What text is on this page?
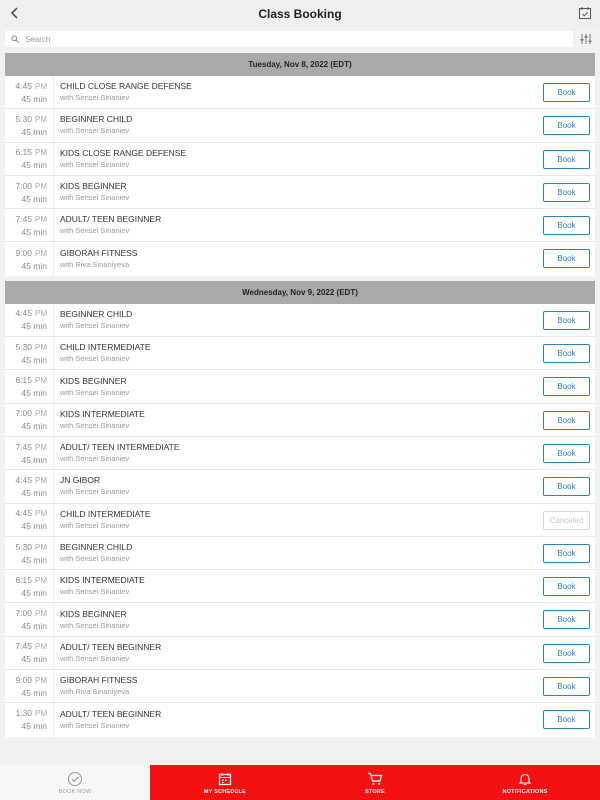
Class Booking
Search
Tuesday, Nov 8, 2022 (EDT)
4:45 PM
45 min
CHILD CLOSE RANGE DEFENSE
with Sensei Sinaniev
Book
5:30 PM
45 min
BEGINNER CHILD
with Sensei Sinaniev
Book
6:15 PM
45 min
KIDS CLOSE RANGE DEFENSE
with Sensei Sinaniev
Book
7:00 PM
45 min
KIDS BEGINNER
with Sensei Sinaniev
Book
7:45 PM
45 min
ADULT/ TEEN BEGINNER
with Sensei Sinaniev
Book
9:00 PM
45 min
GIBORAH FITNESS
with Riva Sinaniyeva
Book
Wednesday, Nov 9, 2022 (EDT)
4:45 PM
45 min
BEGINNER CHILD
with Sensei Sinaniev
Book
5:30 PM
45 min
CHILD INTERMEDIATE
with Sensei Sinaniev
Book
6:15 PM
45 min
KIDS BEGINNER
with Sensei Sinaniev
Book
7:00 PM
45 min
KIDS INTERMEDIATE
with Sensei Sinaniev
Book
7:45 PM
45 min
ADULT/ TEEN INTERMEDIATE
with Sensei Sinaniev
Book
4:45 PM
45 min
JN GIBOR
with Sensei Sinaniev
Book
4:45 PM
45 min
CHILD INTERMEDIATE
with Sensei Sinaniev
Canceled
5:30 PM
45 min
BEGINNER CHILD
with Sensei Sinaniev
Book
6:15 PM
45 min
KIDS INTERMEDIATE
with Sensei Sinaniev
Book
7:00 PM
45 min
KIDS BEGINNER
with Sensei Sinaniev
Book
7:45 PM
45 min
ADULT/ TEEN BEGINNER
with Sensei Sinaniev
Book
9:00 PM
45 min
GIBORAH FITNESS
with Riva Sinaniyeva
Book
1:30 PM
45 min
ADULT/ TEEN BEGINNER
with Sensei Sinaniev
Book
BOOK NOW	MY SCHEDULE	STORE	NOTIFICATIONS
